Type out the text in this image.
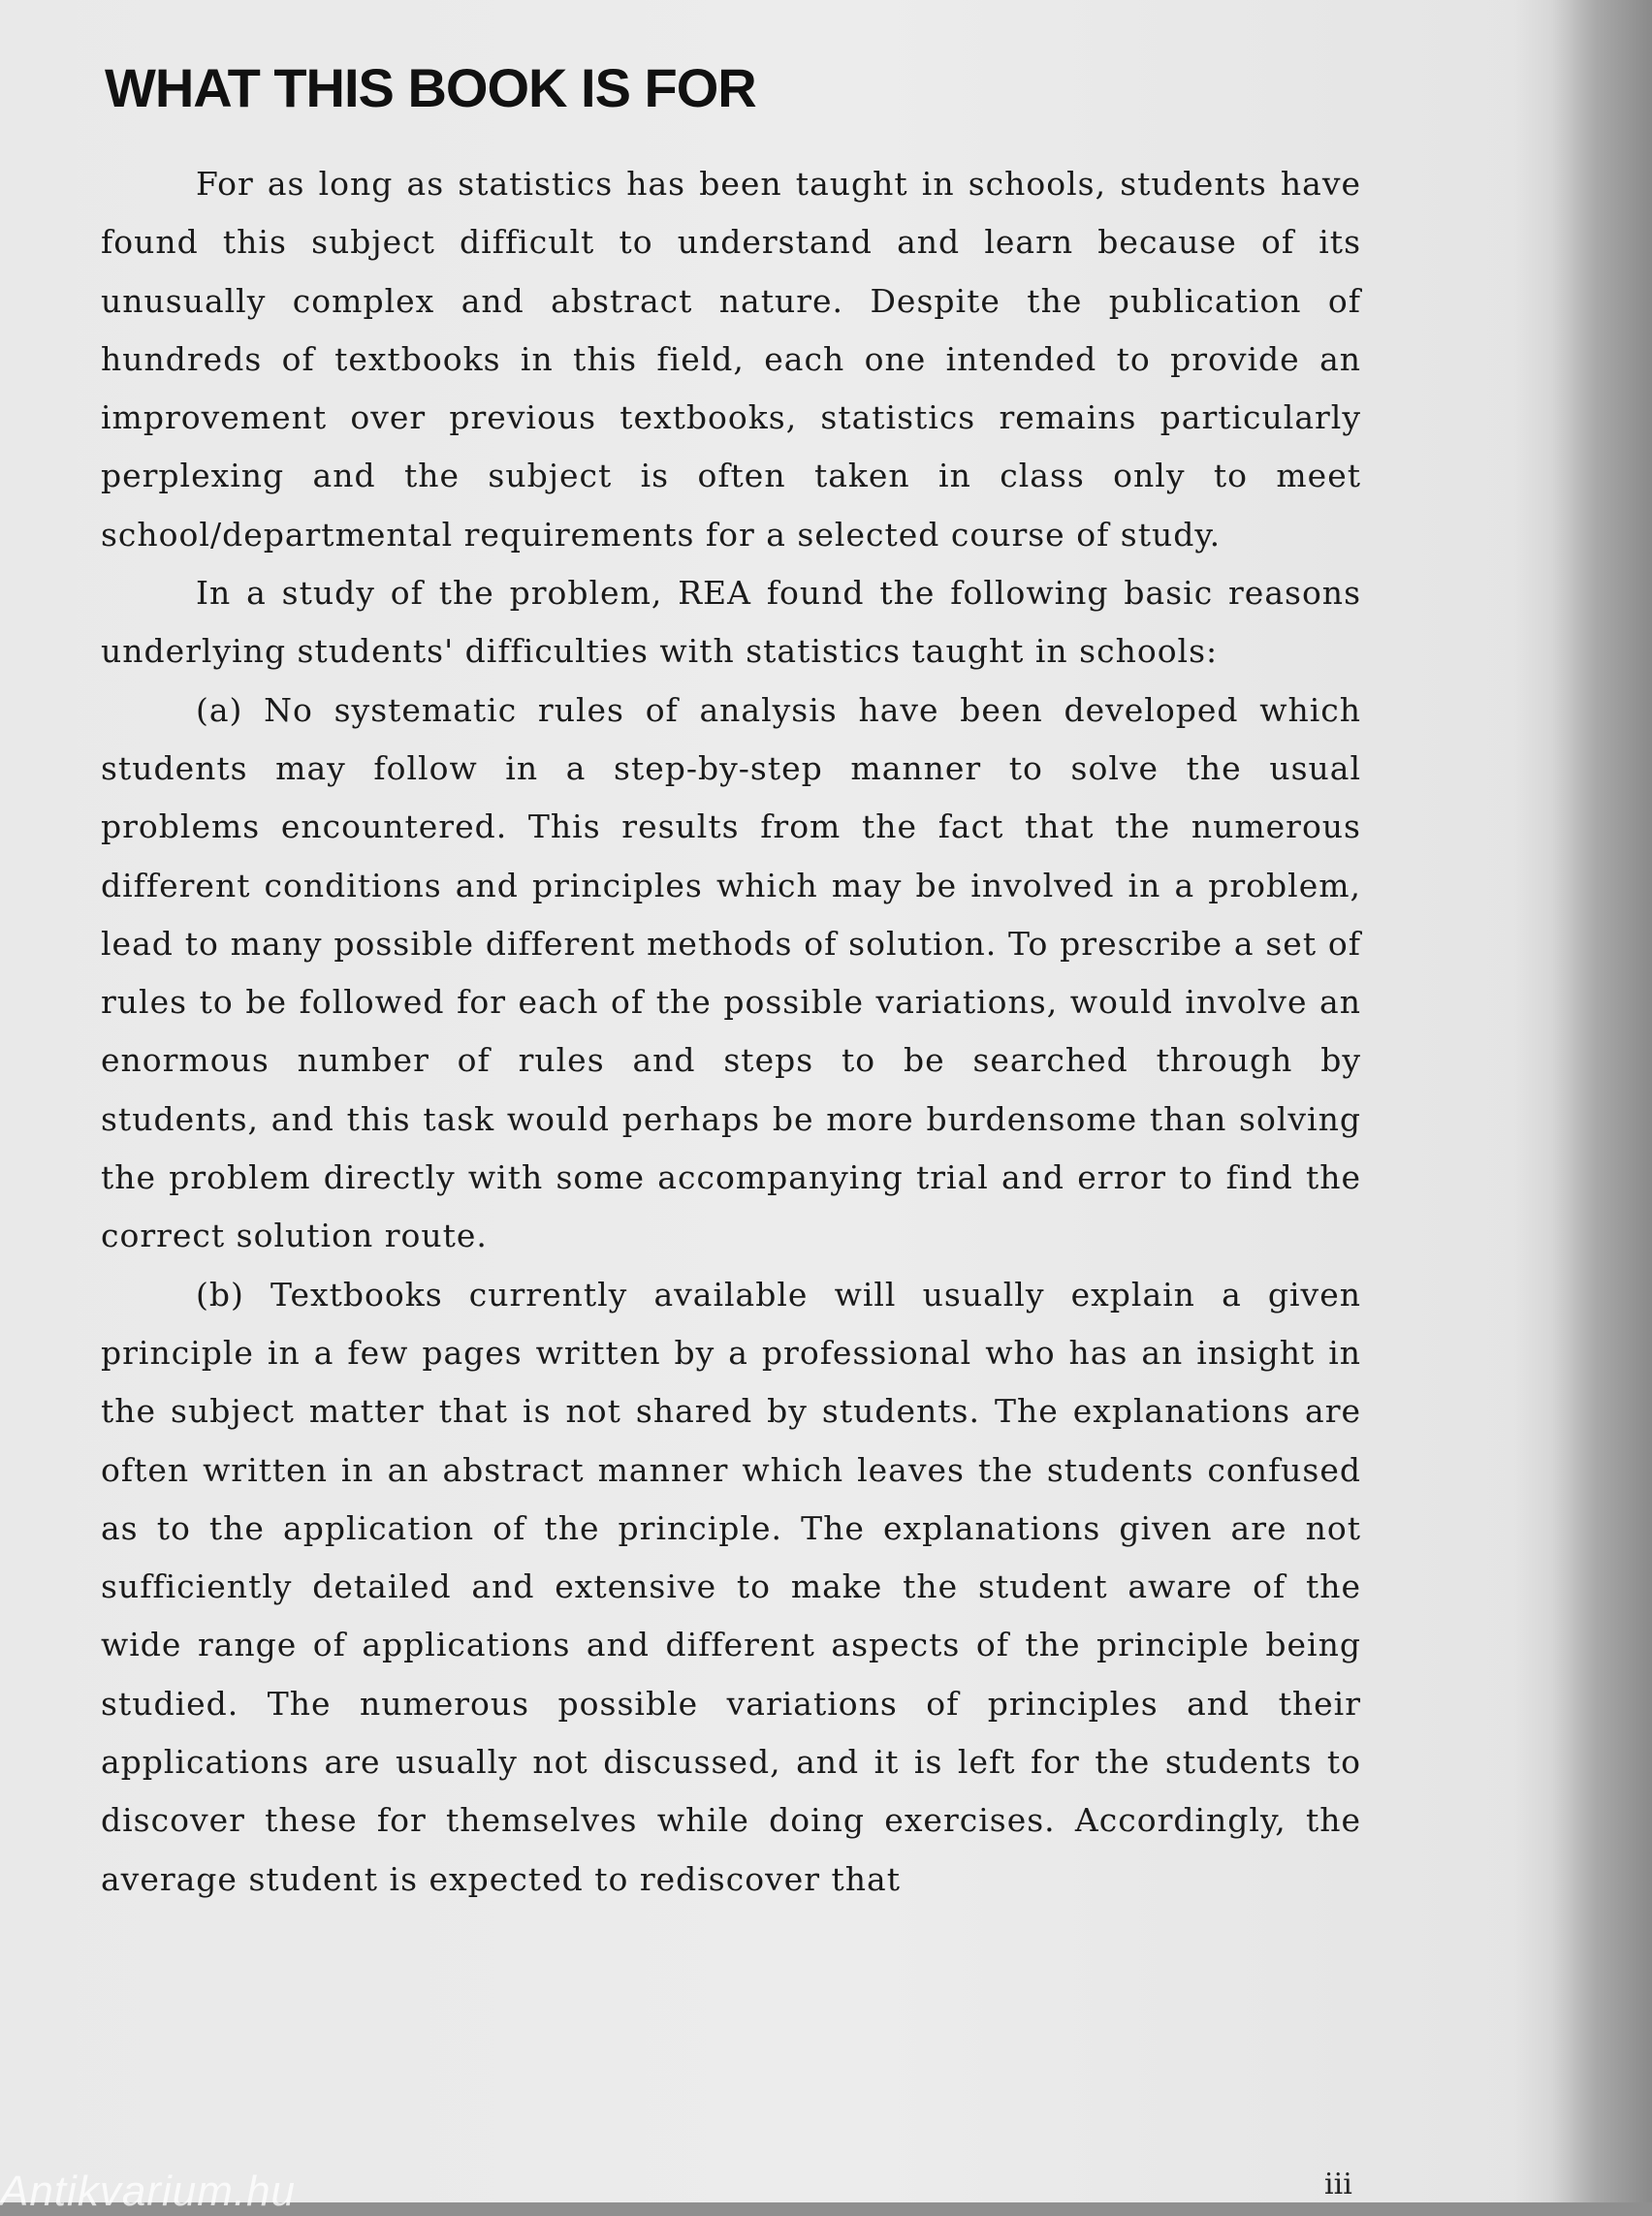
WHAT THIS BOOK IS FOR

For as long as statistics has been taught in schools, students have found this subject difficult to understand and learn because of its unusually complex and abstract nature. Despite the publication of hundreds of textbooks in this field, each one intended to provide an improvement over previous textbooks, statistics remains particularly perplexing and the subject is often taken in class only to meet school/departmental requirements for a selected course of study.

In a study of the problem, REA found the following basic reasons underlying students' difficulties with statistics taught in schools:

(a) No systematic rules of analysis have been developed which students may follow in a step-by-step manner to solve the usual problems encountered. This results from the fact that the numerous different conditions and principles which may be involved in a problem, lead to many possible different methods of solution. To prescribe a set of rules to be followed for each of the possible variations, would involve an enormous number of rules and steps to be searched through by students, and this task would perhaps be more burdensome than solving the problem directly with some accompanying trial and error to find the correct solution route.

(b) Textbooks currently available will usually explain a given principle in a few pages written by a professional who has an insight in the subject matter that is not shared by students. The explanations are often written in an abstract manner which leaves the students confused as to the application of the principle. The explanations given are not sufficiently detailed and extensive to make the student aware of the wide range of applications and different aspects of the principle being studied. The numerous possible variations of principles and their applications are usually not discussed, and it is left for the students to discover these for themselves while doing exercises. Accordingly, the average student is expected to rediscover that

iii
Antikvarium.hu
